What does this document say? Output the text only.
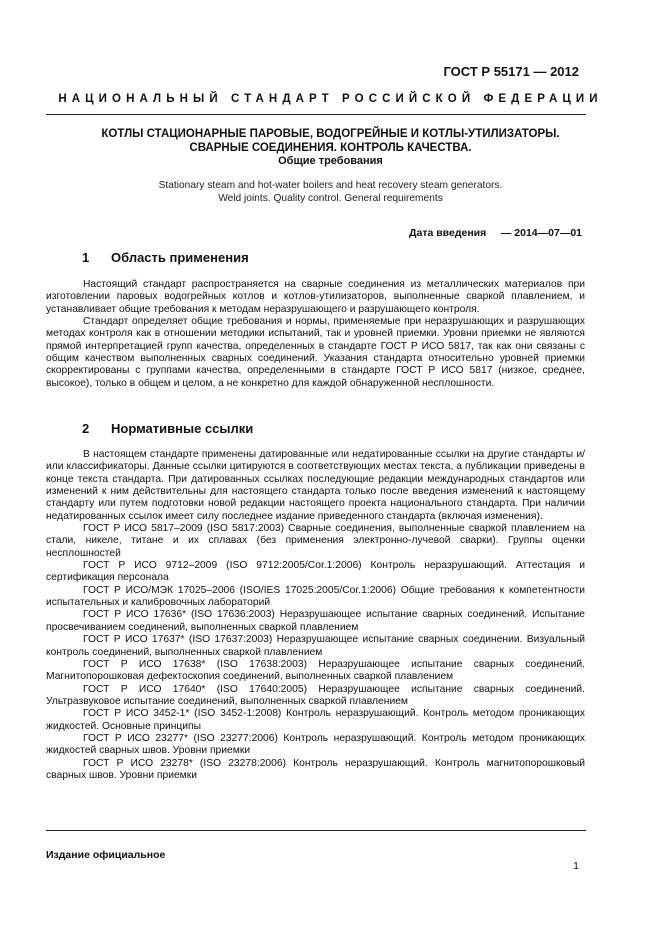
ГОСТ Р 55171 — 2012
НАЦИОНАЛЬНЫЙ СТАНДАРТ РОССИЙСКОЙ ФЕДЕРАЦИИ
КОТЛЫ СТАЦИОНАРНЫЕ ПАРОВЫЕ, ВОДОГРЕЙНЫЕ И КОТЛЫ-УТИЛИЗАТОРЫ.
СВАРНЫЕ СОЕДИНЕНИЯ. КОНТРОЛЬ КАЧЕСТВА.
Общие требования
Stationary steam and hot-water boilers and heat recovery steam generators.
Weld joints. Quality control. General requirements
Дата введения — 2014—07—01
1 Область применения

Настоящий стандарт распространяется на сварные соединения из металлических материалов при изготовлении паровых водогрейных котлов и котлов-утилизаторов, выполненные сваркой плавлением, и устанавливает общие требования к методам неразрушающего и разрушающего контроля.

Стандарт определяет общие требования и нормы, применяемые при неразрушающих и разрушающих методах контроля как в отношении методики испытаний, так и уровней приемки. Уровни приемки не являются прямой интерпретацией групп качества, определенных в стандарте ГОСТ Р ИСО 5817, так как они связаны с общим качеством выполненных сварных соединений. Указания стандарта относительно уровней приемки скорректированы с группами качества, определенными в стандарте ГОСТ Р ИСО 5817 (низкое, среднее, высокое), только в общем и целом, а не конкретно для каждой обнаруженной несплошности.

2 Нормативные ссылки

В настоящем стандарте применены датированные или недатированные ссылки на другие стандарты и/или классификаторы. Данные ссылки цитируются в соответствующих местах текста, а публикации приведены в конце текста стандарта. При датированных ссылках последующие редакции международных стандартов или изменений к ним действительны для настоящего стандарта только после введения изменений к настоящему стандарту или путем подготовки новой редакции настоящего проекта национального стандарта. При наличии недатированных ссылок имеет силу последнее издание приведенного стандарта (включая изменения).

ГОСТ Р ИСО 5817–2009 (ISO 5817:2003) Сварные соединения, выполненные сваркой плавлением на стали, никеле, титане и их сплавах (без применения электронно-лучевой сварки). Группы оценки несплошностей

ГОСТ Р ИСО 9712–2009 (ISO 9712:2005/Cor.1:2006) Контроль неразрушающий. Аттестация и сертификация персонала

ГОСТ Р ИСО/МЭК 17025–2006 (ISO/IES 17025:2005/Cor.1:2006) Общие требования к компетентности испытательных и калибровочных лабораторий

ГОСТ Р ИСО 17636* (ISO 17636:2003) Неразрушающее испытание сварных соединений. Испытание просвечиванием соединений, выполненных сваркой плавлением

ГОСТ Р ИСО 17637* (ISO 17637:2003) Неразрушающее испытание сварных соединении. Визуальный контроль соединений, выполненных сваркой плавлением

ГОСТ Р ИСО 17638* (ISO 17638:2003) Неразрушающее испытание сварных соединений. Магнитопорошковая дефектоскопия соединений, выполненных сваркой плавлением

ГОСТ Р ИСО 17640* (ISO 17640:2005) Неразрушающее испытание сварных соединений. Ультразвуковое испытание соединений, выполненных сваркой плавлением

ГОСТ Р ИСО 3452-1* (ISO 3452-1:2008) Контроль неразрушающий. Контроль методом проникающих жидкостей. Основные принципы

ГОСТ Р ИСО 23277* (ISO 23277:2006) Контроль неразрушающий. Контроль методом проникающих жидкостей сварных швов. Уровни приемки

ГОСТ Р ИСО 23278* (ISO 23278:2006) Контроль неразрушающий. Контроль магнитопорошковый сварных швов. Уровни приемки

Издание официальное
1
